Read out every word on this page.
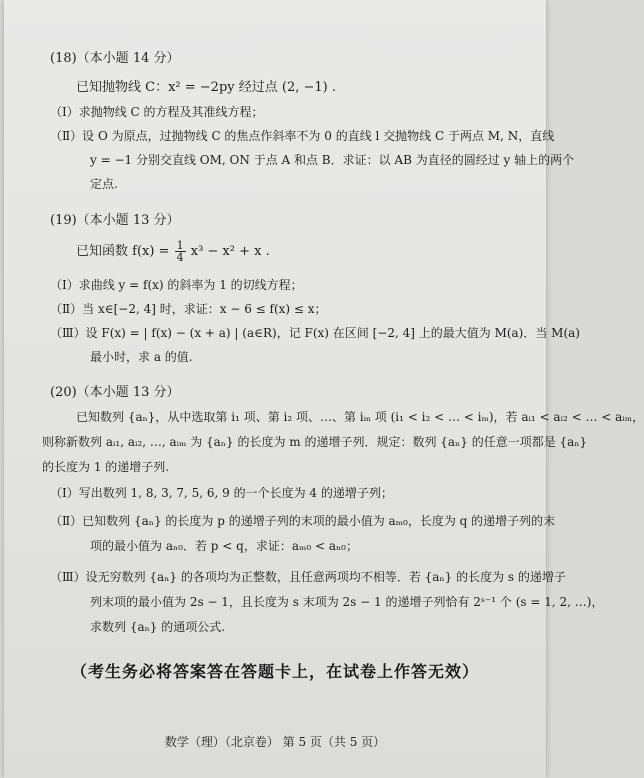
(18)（本小题 14 分）
已知抛物线 C：x² = −2py 经过点 (2, −1) .
（Ⅰ）求抛物线 C 的方程及其准线方程；
（Ⅱ）设 O 为原点，过抛物线 C 的焦点作斜率不为 0 的直线 l 交抛物线 C 于两点 M, N，直线
y = −1 分别交直线 OM, ON 于点 A 和点 B．求证：以 AB 为直径的圆经过 y 轴上的两个
定点.
(19)（本小题 13 分）
已知函数 $f(x) = \frac{1}{4} x^3 - x^2 + x$ .
（Ⅰ）求曲线 y = f(x) 的斜率为 1 的切线方程；
（Ⅱ）当 x∈[−2, 4] 时，求证：x − 6 ≤ f(x) ≤ x；
（Ⅲ）设 F(x) = | f(x) − (x + a) | (a∈R)，记 F(x) 在区间 [−2, 4] 上的最大值为 M(a)．当 M(a)
最小时，求 a 的值.
(20)（本小题 13 分）
已知数列 {aₙ}，从中选取第 i₁ 项、第 i₂ 项、…、第 iₘ 项 (i₁ < i₂ < … < iₘ)，若 aᵢ₁ < aᵢ₂ < … < aᵢₘ，
则称新数列 aᵢ₁, aᵢ₂, …, aᵢₘ 为 {aₙ} 的长度为 m 的递增子列．规定：数列 {aₙ} 的任意一项都是 {aₙ}
的长度为 1 的递增子列.
（Ⅰ）写出数列 1, 8, 3, 7, 5, 6, 9 的一个长度为 4 的递增子列；
（Ⅱ）已知数列 {aₙ} 的长度为 p 的递增子列的末项的最小值为 aₘ₀，长度为 q 的递增子列的末
项的最小值为 aₙ₀．若 p < q，求证：aₘ₀ < aₙ₀；
（Ⅲ）设无穷数列 {aₙ} 的各项均为正整数，且任意两项均不相等．若 {aₙ} 的长度为 s 的递增子
列末项的最小值为 2s − 1，且长度为 s 末项为 2s − 1 的递增子列恰有 2ˢ⁻¹ 个 (s = 1, 2, …)，
求数列 {aₙ} 的通项公式.
（考生务必将答案答在答题卡上，在试卷上作答无效）
数学（理）（北京卷） 第 5 页（共 5 页）
